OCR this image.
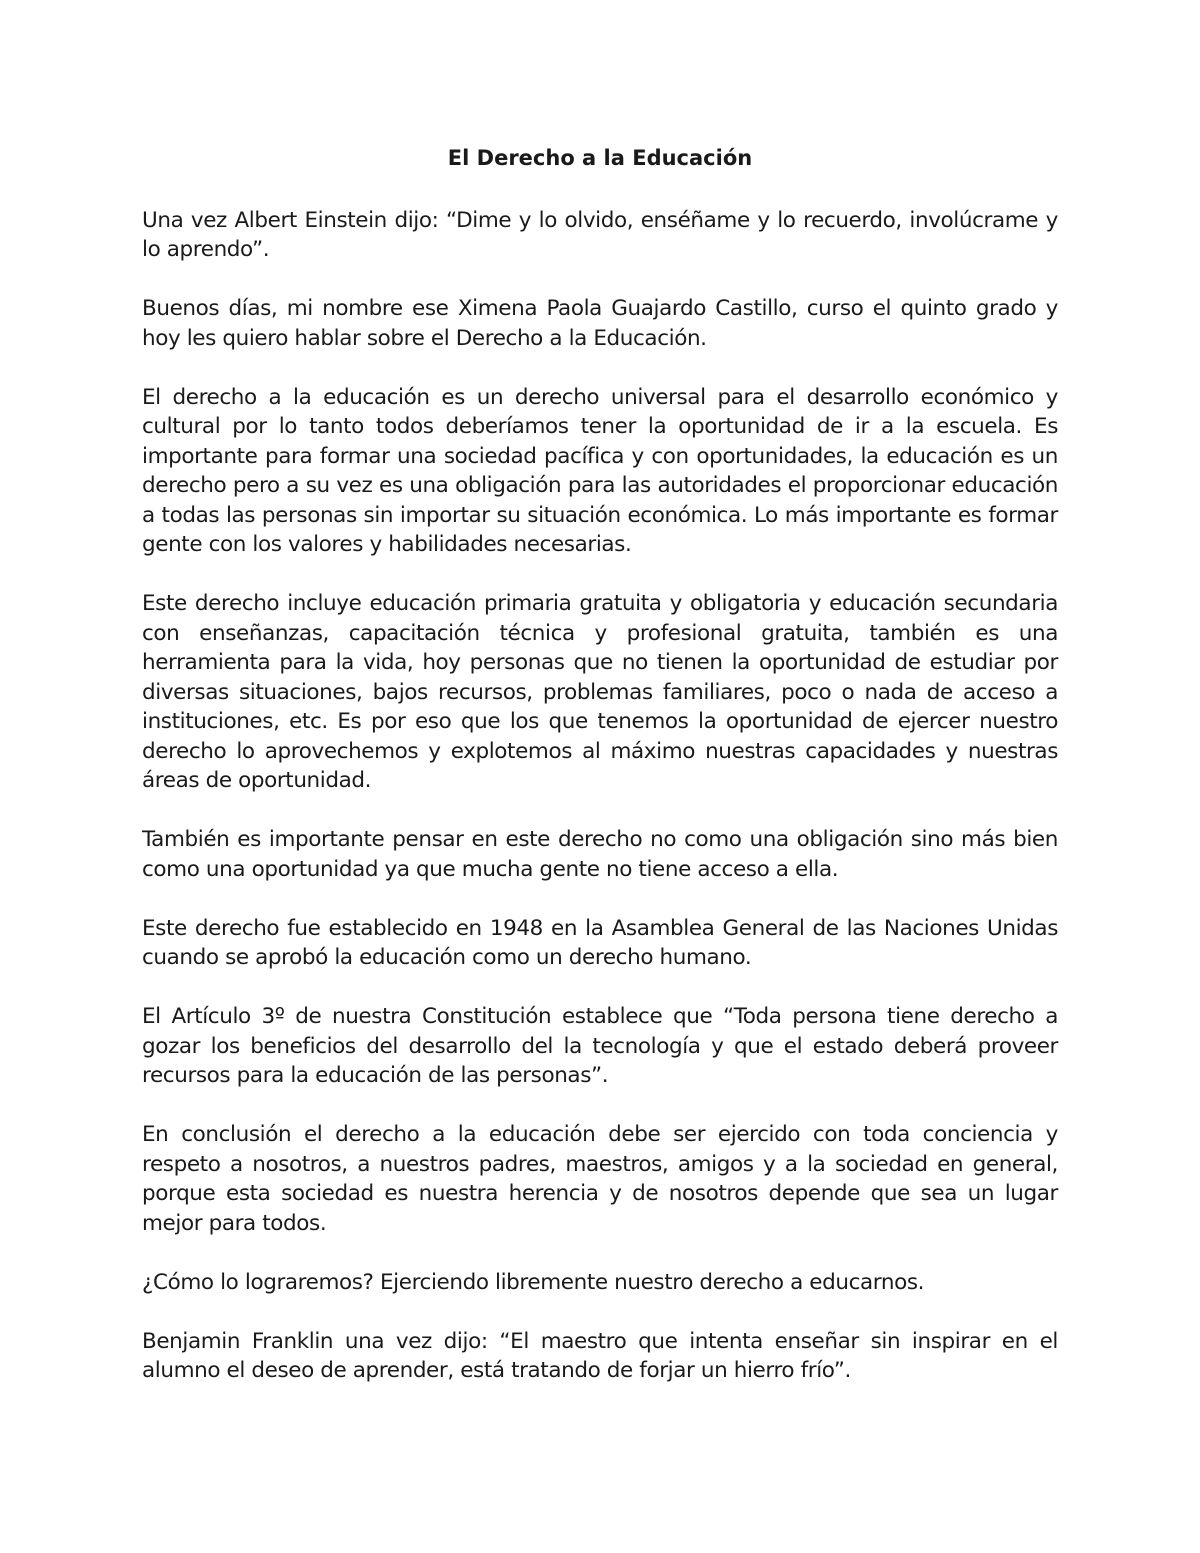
El Derecho a la Educación

Una vez Albert Einstein dijo: “Dime y lo olvido, enséñame y lo recuerdo, involúcrame y lo aprendo”.

Buenos días, mi nombre ese Ximena Paola Guajardo Castillo, curso el quinto grado y hoy les quiero hablar sobre el Derecho a la Educación.

El derecho a la educación es un derecho universal para el desarrollo económico y cultural por lo tanto todos deberíamos tener la oportunidad de ir a la escuela. Es importante para formar una sociedad pacífica y con oportunidades, la educación es un derecho pero a su vez es una obligación para las autoridades el proporcionar educación a todas las personas sin importar su situación económica. Lo más importante es formar gente con los valores y habilidades necesarias.

Este derecho incluye educación primaria gratuita y obligatoria y educación secundaria con enseñanzas, capacitación técnica y profesional gratuita, también es una herramienta para la vida, hoy personas que no tienen la oportunidad de estudiar por diversas situaciones, bajos recursos, problemas familiares, poco o nada de acceso a instituciones, etc. Es por eso que los que tenemos la oportunidad de ejercer nuestro derecho lo aprovechemos y explotemos al máximo nuestras capacidades y nuestras áreas de oportunidad.

También es importante pensar en este derecho no como una obligación sino más bien como una oportunidad ya que mucha gente no tiene acceso a ella.

Este derecho fue establecido en 1948 en la Asamblea General de las Naciones Unidas cuando se aprobó la educación como un derecho humano.

El Artículo 3º de nuestra Constitución establece que “Toda persona tiene derecho a gozar los beneficios del desarrollo del la tecnología y que el estado deberá proveer recursos para la educación de las personas”.

En conclusión el derecho a la educación debe ser ejercido con toda conciencia y respeto a nosotros, a nuestros padres, maestros, amigos y a la sociedad en general, porque esta sociedad es nuestra herencia y de nosotros depende que sea un lugar mejor para todos.

¿Cómo lo lograremos? Ejerciendo libremente nuestro derecho a educarnos.

Benjamin Franklin una vez dijo: “El maestro que intenta enseñar sin inspirar en el alumno el deseo de aprender, está tratando de forjar un hierro frío”.
